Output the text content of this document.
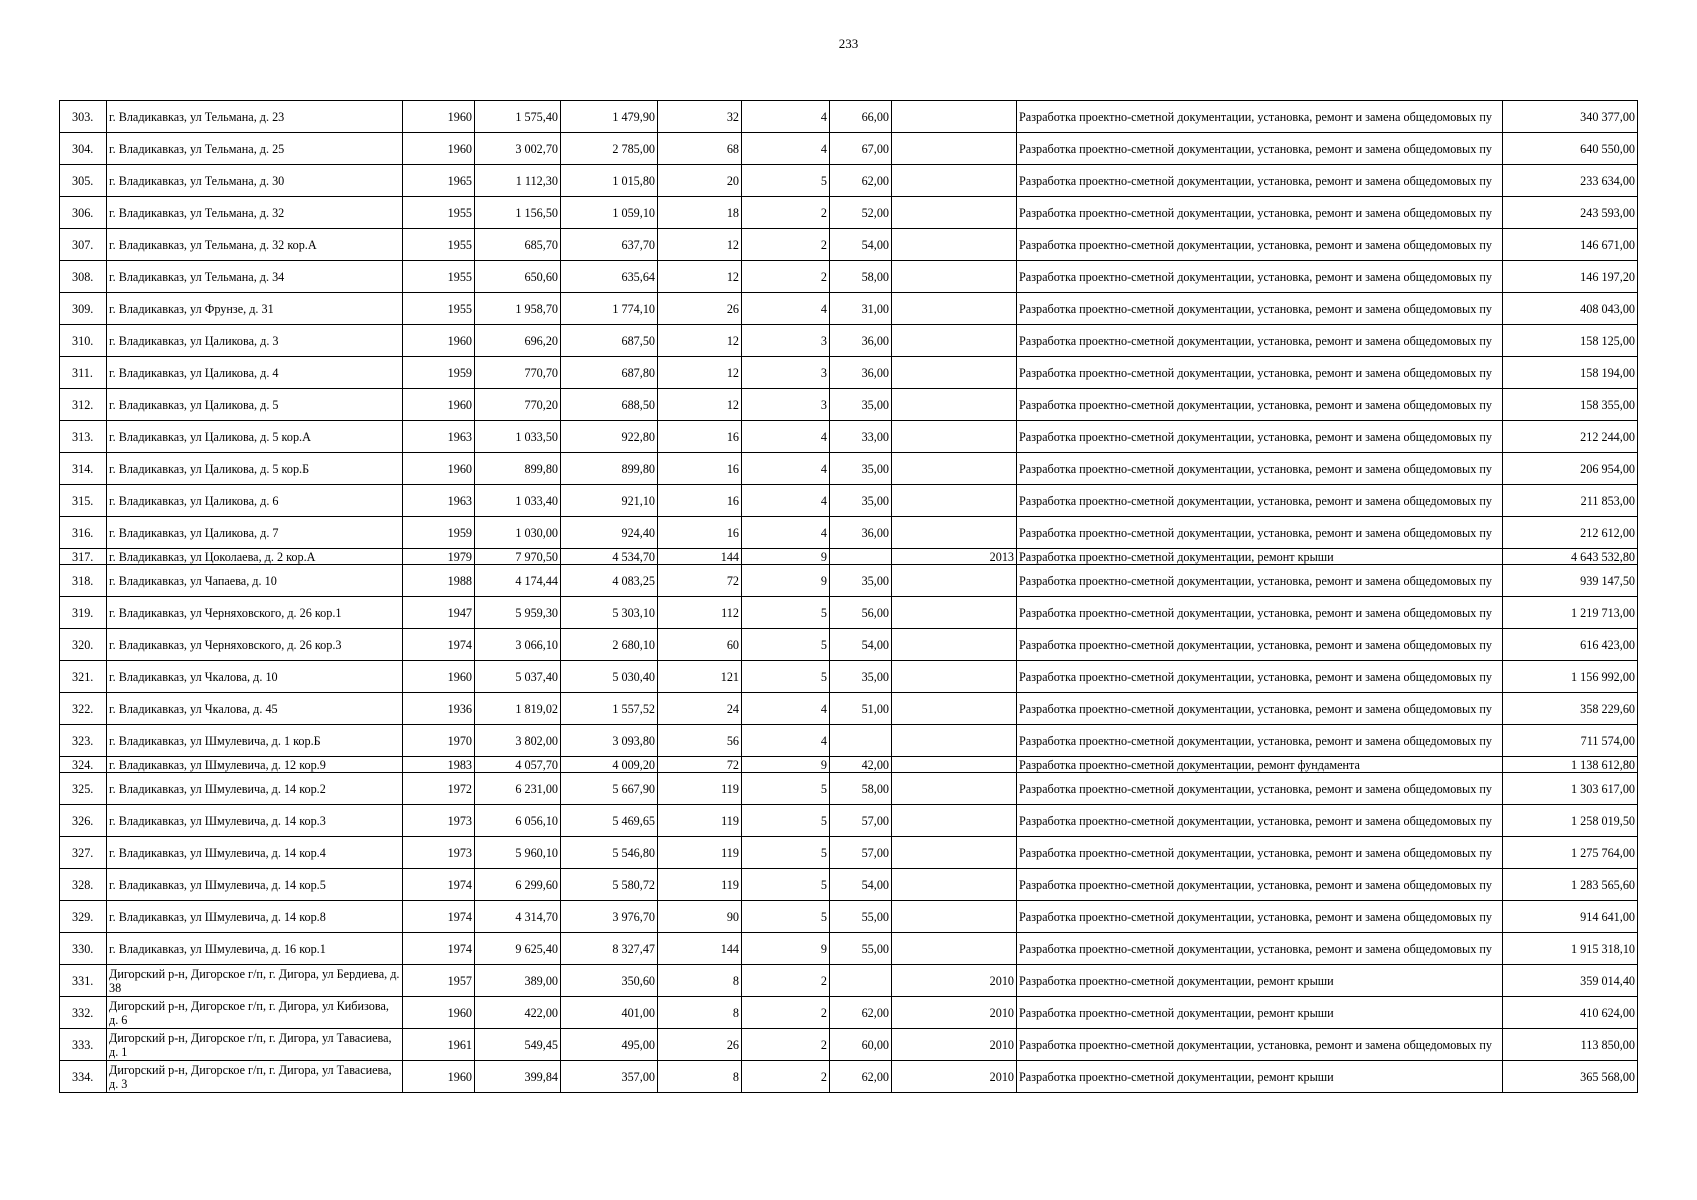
233
303.	г. Владикавказ, ул Тельмана, д. 23	1960	1 575,40	1 479,90	32	4	66,00		Разработка проектно-сметной документации, установка, ремонт и замена общедомовых пу	340 377,00
304.	г. Владикавказ, ул Тельмана, д. 25	1960	3 002,70	2 785,00	68	4	67,00		Разработка проектно-сметной документации, установка, ремонт и замена общедомовых пу	640 550,00
305.	г. Владикавказ, ул Тельмана, д. 30	1965	1 112,30	1 015,80	20	5	62,00		Разработка проектно-сметной документации, установка, ремонт и замена общедомовых пу	233 634,00
306.	г. Владикавказ, ул Тельмана, д. 32	1955	1 156,50	1 059,10	18	2	52,00		Разработка проектно-сметной документации, установка, ремонт и замена общедомовых пу	243 593,00
307.	г. Владикавказ, ул Тельмана, д. 32 кор.А	1955	685,70	637,70	12	2	54,00		Разработка проектно-сметной документации, установка, ремонт и замена общедомовых пу	146 671,00
308.	г. Владикавказ, ул Тельмана, д. 34	1955	650,60	635,64	12	2	58,00		Разработка проектно-сметной документации, установка, ремонт и замена общедомовых пу	146 197,20
309.	г. Владикавказ, ул Фрунзе, д. 31	1955	1 958,70	1 774,10	26	4	31,00		Разработка проектно-сметной документации, установка, ремонт и замена общедомовых пу	408 043,00
310.	г. Владикавказ, ул Цаликова, д. 3	1960	696,20	687,50	12	3	36,00		Разработка проектно-сметной документации, установка, ремонт и замена общедомовых пу	158 125,00
311.	г. Владикавказ, ул Цаликова, д. 4	1959	770,70	687,80	12	3	36,00		Разработка проектно-сметной документации, установка, ремонт и замена общедомовых пу	158 194,00
312.	г. Владикавказ, ул Цаликова, д. 5	1960	770,20	688,50	12	3	35,00		Разработка проектно-сметной документации, установка, ремонт и замена общедомовых пу	158 355,00
313.	г. Владикавказ, ул Цаликова, д. 5 кор.А	1963	1 033,50	922,80	16	4	33,00		Разработка проектно-сметной документации, установка, ремонт и замена общедомовых пу	212 244,00
314.	г. Владикавказ, ул Цаликова, д. 5 кор.Б	1960	899,80	899,80	16	4	35,00		Разработка проектно-сметной документации, установка, ремонт и замена общедомовых пу	206 954,00
315.	г. Владикавказ, ул Цаликова, д. 6	1963	1 033,40	921,10	16	4	35,00		Разработка проектно-сметной документации, установка, ремонт и замена общедомовых пу	211 853,00
316.	г. Владикавказ, ул Цаликова, д. 7	1959	1 030,00	924,40	16	4	36,00		Разработка проектно-сметной документации, установка, ремонт и замена общедомовых пу	212 612,00
317.	г. Владикавказ, ул Цоколаева, д. 2 кор.А	1979	7 970,50	4 534,70	144	9		2013	Разработка проектно-сметной документации, ремонт крыши	4 643 532,80
318.	г. Владикавказ, ул Чапаева, д. 10	1988	4 174,44	4 083,25	72	9	35,00		Разработка проектно-сметной документации, установка, ремонт и замена общедомовых пу	939 147,50
319.	г. Владикавказ, ул Черняховского, д. 26 кор.1	1947	5 959,30	5 303,10	112	5	56,00		Разработка проектно-сметной документации, установка, ремонт и замена общедомовых пу	1 219 713,00
320.	г. Владикавказ, ул Черняховского, д. 26 кор.3	1974	3 066,10	2 680,10	60	5	54,00		Разработка проектно-сметной документации, установка, ремонт и замена общедомовых пу	616 423,00
321.	г. Владикавказ, ул Чкалова, д. 10	1960	5 037,40	5 030,40	121	5	35,00		Разработка проектно-сметной документации, установка, ремонт и замена общедомовых пу	1 156 992,00
322.	г. Владикавказ, ул Чкалова, д. 45	1936	1 819,02	1 557,52	24	4	51,00		Разработка проектно-сметной документации, установка, ремонт и замена общедомовых пу	358 229,60
323.	г. Владикавказ, ул Шмулевича, д. 1 кор.Б	1970	3 802,00	3 093,80	56	4			Разработка проектно-сметной документации, установка, ремонт и замена общедомовых пу	711 574,00
324.	г. Владикавказ, ул Шмулевича, д. 12 кор.9	1983	4 057,70	4 009,20	72	9	42,00		Разработка проектно-сметной документации, ремонт фундамента	1 138 612,80
325.	г. Владикавказ, ул Шмулевича, д. 14 кор.2	1972	6 231,00	5 667,90	119	5	58,00		Разработка проектно-сметной документации, установка, ремонт и замена общедомовых пу	1 303 617,00
326.	г. Владикавказ, ул Шмулевича, д. 14 кор.3	1973	6 056,10	5 469,65	119	5	57,00		Разработка проектно-сметной документации, установка, ремонт и замена общедомовых пу	1 258 019,50
327.	г. Владикавказ, ул Шмулевича, д. 14 кор.4	1973	5 960,10	5 546,80	119	5	57,00		Разработка проектно-сметной документации, установка, ремонт и замена общедомовых пу	1 275 764,00
328.	г. Владикавказ, ул Шмулевича, д. 14 кор.5	1974	6 299,60	5 580,72	119	5	54,00		Разработка проектно-сметной документации, установка, ремонт и замена общедомовых пу	1 283 565,60
329.	г. Владикавказ, ул Шмулевича, д. 14 кор.8	1974	4 314,70	3 976,70	90	5	55,00		Разработка проектно-сметной документации, установка, ремонт и замена общедомовых пу	914 641,00
330.	г. Владикавказ, ул Шмулевича, д. 16 кор.1	1974	9 625,40	8 327,47	144	9	55,00		Разработка проектно-сметной документации, установка, ремонт и замена общедомовых пу	1 915 318,10
331.	Дигорский р-н, Дигорское г/п, г. Дигора, ул Бердиева, д. 38	1957	389,00	350,60	8	2		2010	Разработка проектно-сметной документации, ремонт крыши	359 014,40
332.	Дигорский р-н, Дигорское г/п, г. Дигора, ул Кибизова, д. 6	1960	422,00	401,00	8	2	62,00	2010	Разработка проектно-сметной документации, ремонт крыши	410 624,00
333.	Дигорский р-н, Дигорское г/п, г. Дигора, ул Тавасиева, д. 1	1961	549,45	495,00	26	2	60,00	2010	Разработка проектно-сметной документации, установка, ремонт и замена общедомовых пу	113 850,00
334.	Дигорский р-н, Дигорское г/п, г. Дигора, ул Тавасиева, д. 3	1960	399,84	357,00	8	2	62,00	2010	Разработка проектно-сметной документации, ремонт крыши	365 568,00
